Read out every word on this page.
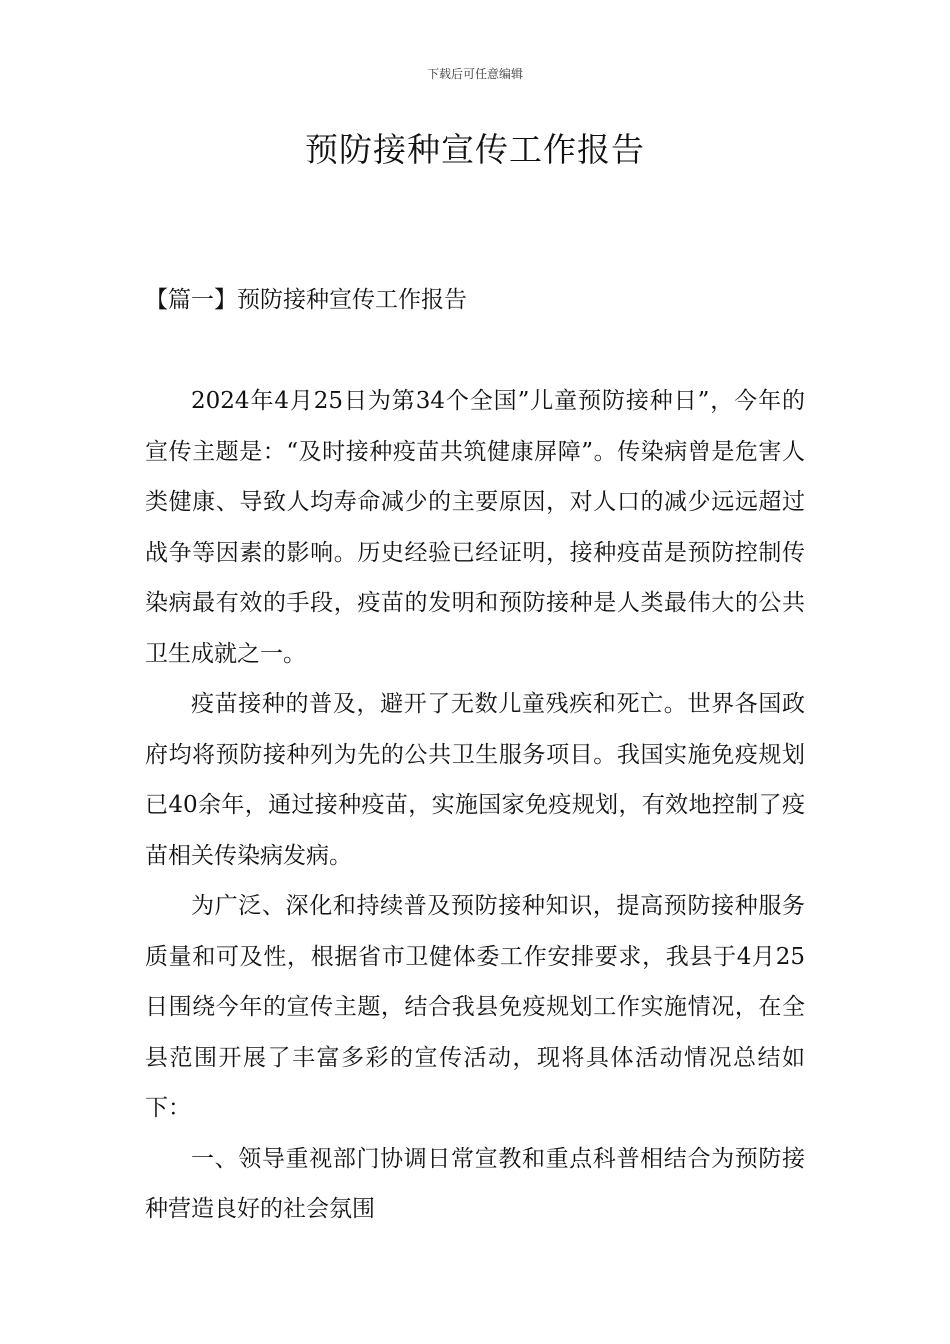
下载后可任意编辑
预防接种宣传工作报告
【篇一】预防接种宣传工作报告

2024年4月25日为第34个全国”儿童预防接种日”，今年的宣传主题是：“及时接种疫苗共筑健康屏障”。传染病曾是危害人类健康、导致人均寿命减少的主要原因，对人口的减少远远超过战争等因素的影响。历史经验已经证明，接种疫苗是预防控制传染病最有效的手段，疫苗的发明和预防接种是人类最伟大的公共卫生成就之一。

疫苗接种的普及，避开了无数儿童残疾和死亡。世界各国政府均将预防接种列为先的公共卫生服务项目。我国实施免疫规划已40余年，通过接种疫苗，实施国家免疫规划，有效地控制了疫苗相关传染病发病。

为广泛、深化和持续普及预防接种知识，提高预防接种服务质量和可及性，根据省市卫健体委工作安排要求，我县于4月25日围绕今年的宣传主题，结合我县免疫规划工作实施情况，在全县范围开展了丰富多彩的宣传活动，现将具体活动情况总结如下：

一、领导重视部门协调日常宣教和重点科普相结合为预防接种营造良好的社会氛围
